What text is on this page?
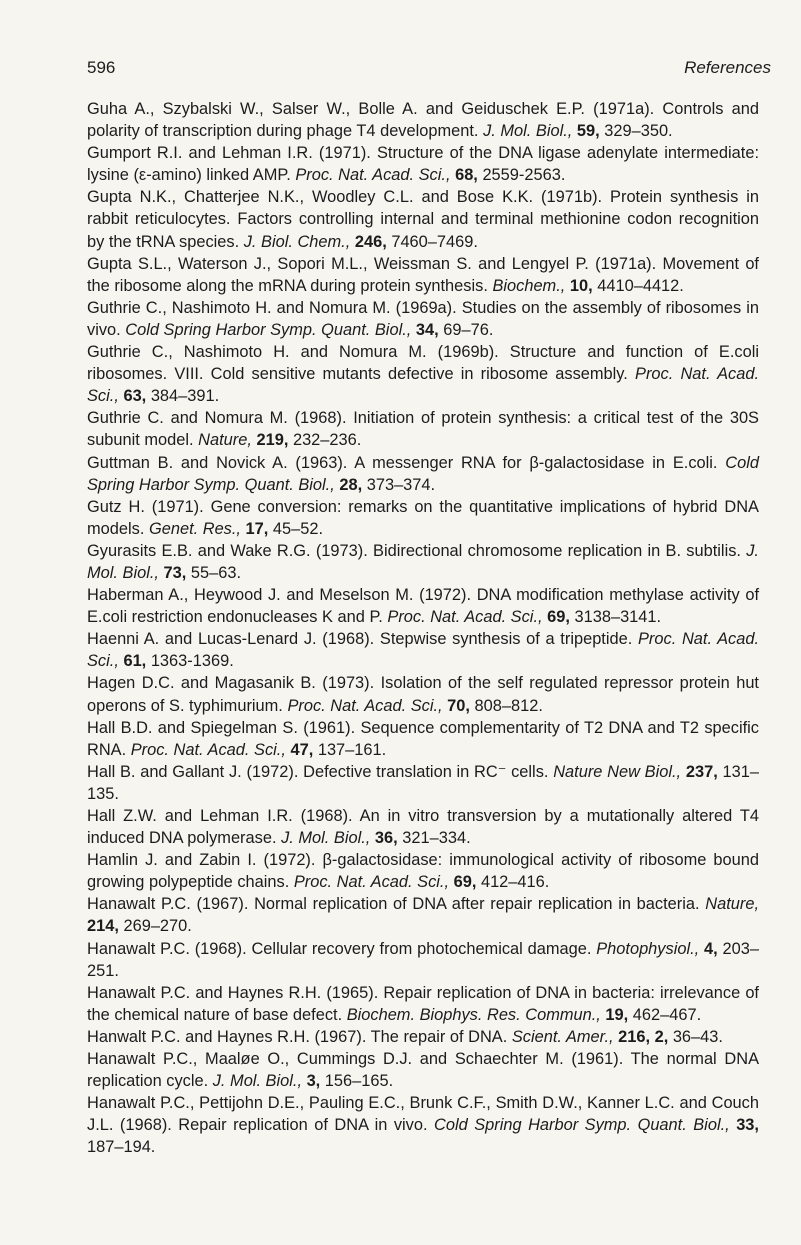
596	References

Guha A., Szybalski W., Salser W., Bolle A. and Geiduschek E.P. (1971a). Controls and polarity of transcription during phage T4 development. J. Mol. Biol., 59, 329–350.

Gumport R.I. and Lehman I.R. (1971). Structure of the DNA ligase adenylate intermediate: lysine (ε-amino) linked AMP. Proc. Nat. Acad. Sci., 68, 2559-2563.

Gupta N.K., Chatterjee N.K., Woodley C.L. and Bose K.K. (1971b). Protein synthesis in rabbit reticulocytes. Factors controlling internal and terminal methionine codon recognition by the tRNA species. J. Biol. Chem., 246, 7460–7469.

Gupta S.L., Waterson J., Sopori M.L., Weissman S. and Lengyel P. (1971a). Movement of the ribosome along the mRNA during protein synthesis. Biochem., 10, 4410–4412.

Guthrie C., Nashimoto H. and Nomura M. (1969a). Studies on the assembly of ribosomes in vivo. Cold Spring Harbor Symp. Quant. Biol., 34, 69–76.

Guthrie C., Nashimoto H. and Nomura M. (1969b). Structure and function of E.coli ribosomes. VIII. Cold sensitive mutants defective in ribosome assembly. Proc. Nat. Acad. Sci., 63, 384–391.

Guthrie C. and Nomura M. (1968). Initiation of protein synthesis: a critical test of the 30S subunit model. Nature, 219, 232–236.

Guttman B. and Novick A. (1963). A messenger RNA for β-galactosidase in E.coli. Cold Spring Harbor Symp. Quant. Biol., 28, 373–374.

Gutz H. (1971). Gene conversion: remarks on the quantitative implications of hybrid DNA models. Genet. Res., 17, 45–52.

Gyurasits E.B. and Wake R.G. (1973). Bidirectional chromosome replication in B. subtilis. J. Mol. Biol., 73, 55–63.

Haberman A., Heywood J. and Meselson M. (1972). DNA modification methylase activity of E.coli restriction endonucleases K and P. Proc. Nat. Acad. Sci., 69, 3138–3141.

Haenni A. and Lucas-Lenard J. (1968). Stepwise synthesis of a tripeptide. Proc. Nat. Acad. Sci., 61, 1363-1369.

Hagen D.C. and Magasanik B. (1973). Isolation of the self regulated repressor protein hut operons of S. typhimurium. Proc. Nat. Acad. Sci., 70, 808–812.

Hall B.D. and Spiegelman S. (1961). Sequence complementarity of T2 DNA and T2 specific RNA. Proc. Nat. Acad. Sci., 47, 137–161.

Hall B. and Gallant J. (1972). Defective translation in RC⁻ cells. Nature New Biol., 237, 131–135.

Hall Z.W. and Lehman I.R. (1968). An in vitro transversion by a mutationally altered T4 induced DNA polymerase. J. Mol. Biol., 36, 321–334.

Hamlin J. and Zabin I. (1972). β-galactosidase: immunological activity of ribosome bound growing polypeptide chains. Proc. Nat. Acad. Sci., 69, 412–416.

Hanawalt P.C. (1967). Normal replication of DNA after repair replication in bacteria. Nature, 214, 269–270.

Hanawalt P.C. (1968). Cellular recovery from photochemical damage. Photophysiol., 4, 203–251.

Hanawalt P.C. and Haynes R.H. (1965). Repair replication of DNA in bacteria: irrelevance of the chemical nature of base defect. Biochem. Biophys. Res. Commun., 19, 462–467.

Hanwalt P.C. and Haynes R.H. (1967). The repair of DNA. Scient. Amer., 216, 2, 36–43.

Hanawalt P.C., Maaløe O., Cummings D.J. and Schaechter M. (1961). The normal DNA replication cycle. J. Mol. Biol., 3, 156–165.

Hanawalt P.C., Pettijohn D.E., Pauling E.C., Brunk C.F., Smith D.W., Kanner L.C. and Couch J.L. (1968). Repair replication of DNA in vivo. Cold Spring Harbor Symp. Quant. Biol., 33, 187–194.
